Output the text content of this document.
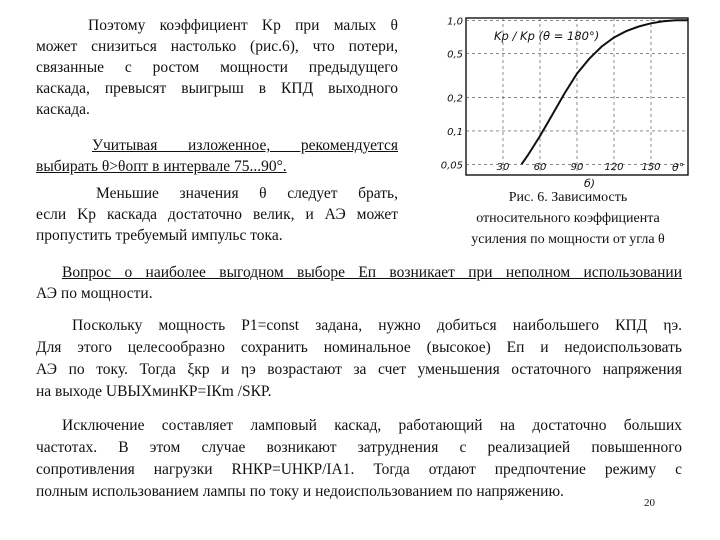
Поэтому коэффициент Kр при малых θ
может снизиться настолько (рис.6), что потери,
связанные с ростом мощности предыдущего
каскада, превысят выигрыш в КПД выходного
каскада.
Учитывая изложенное, рекомендуется
выбирать θ>θопт в интервале 75...90°.
Меньшие значения θ следует брать,
если Kр каскада достаточно велик, и АЭ может
пропустить требуемый импульс тока.
1,0
0,5
0,2
0,1
0,05	30 60 90 120 150
Kр / Kр (θ = 180°)
θ°
б)
Рис. 6. Зависимость
относительного коэффициента
усиления по мощности от угла θ
Вопрос о наиболее выгодном выборе Eп возникает при неполном использовании
АЭ по мощности.
Поскольку мощность P1=const задана, нужно добиться наибольшего КПД ηэ.
Для этого целесообразно сохранить номинальное (высокое) Eп и недоиспользовать
АЭ по току. Тогда ξкр и ηэ возрастают за счет уменьшения остаточного напряжения
на выходе UВЫХминКР=IКm /SКР.
Исключение составляет ламповый каскад, работающий на достаточно больших
частотах. В этом случае возникают затруднения с реализацией повышенного
сопротивления нагрузки RНКР=UНКР/IА1. Тогда отдают предпочтение режиму с
полным использованием лампы по току и недоиспользованием по напряжению.
20
